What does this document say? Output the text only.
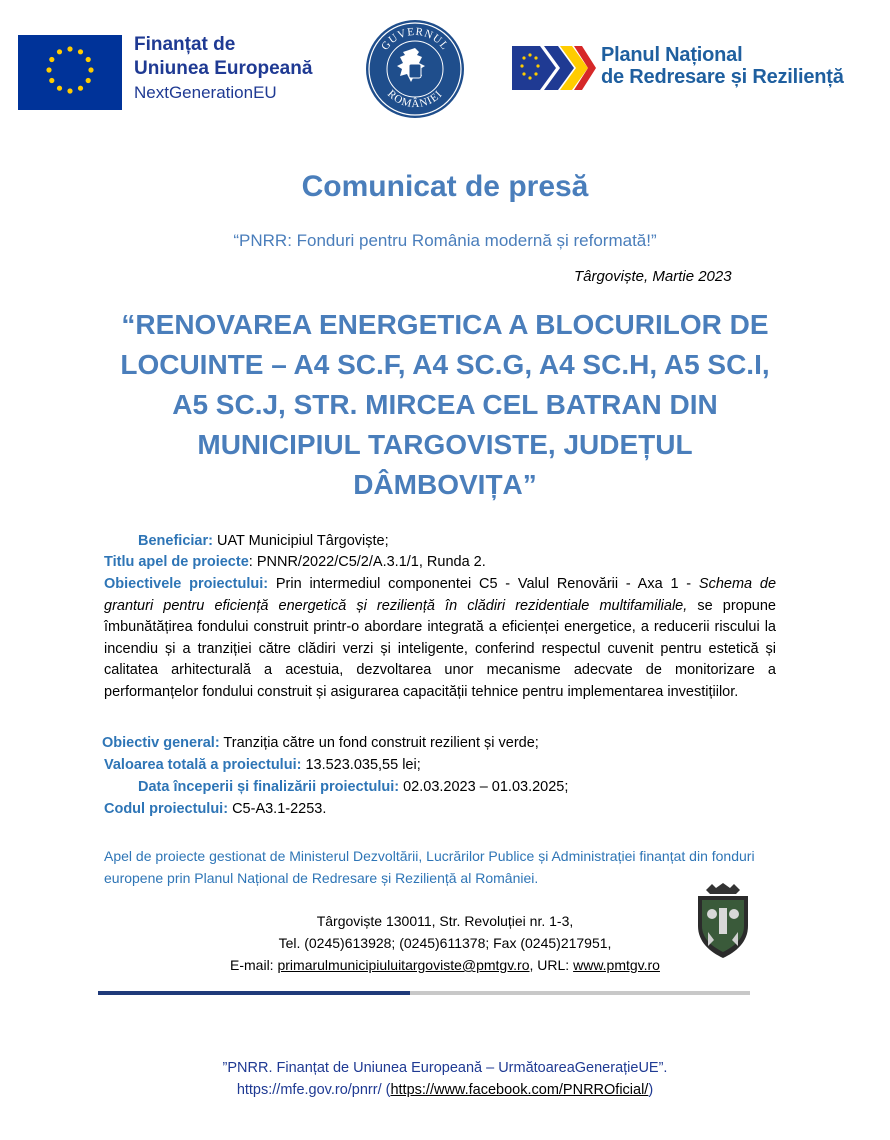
Finanțat de
Uniunea Europeană
NextGenerationEU
GUVERNUL
ROMÂNIEI
Planul Național
de Redresare și Reziliență
Comunicat de presă
“PNRR: Fonduri pentru România modernă și reformată!”
Târgoviște, Martie 2023
“RENOVAREA ENERGETICA A BLOCURILOR DE
LOCUINTE – A4 SC.F, A4 SC.G, A4 SC.H, A5 SC.I,
A5 SC.J, STR. MIRCEA CEL BATRAN DIN
MUNICIPIUL TARGOVISTE, JUDEȚUL
DÂMBOVIȚA”
Beneficiar: UAT Municipiul Târgoviște;
Titlu apel de proiecte: PNNR/2022/C5/2/A.3.1/1, Runda 2.
Obiectivele proiectului: Prin intermediul componentei C5 - Valul Renovării - Axa 1 - Schema de granturi pentru eficiență energetică și reziliență în clădiri rezidentiale multifamiliale, se propune îmbunătățirea fondului construit printr-o abordare integrată a eficienței energetice, a reducerii riscului la incendiu și a tranziției către clădiri verzi și inteligente, conferind respectul cuvenit pentru estetică și calitatea arhitecturală a acestuia, dezvoltarea unor mecanisme adecvate de monitorizare a performanțelor fondului construit și asigurarea capacității tehnice pentru implementarea investițiilor.
Obiectiv general: Tranziția către un fond construit rezilient și verde;
Valoarea totală a proiectului: 13.523.035,55 lei;
Data începerii și finalizării proiectului: 02.03.2023 – 01.03.2025;
Codul proiectului: C5-A3.1-2253.
Apel de proiecte gestionat de Ministerul Dezvoltării, Lucrărilor Publice și Administrației finanțat din fonduri europene prin Planul Național de Redresare și Reziliență al României.
Târgoviște 130011, Str. Revoluției nr. 1-3,
Tel. (0245)613928; (0245)611378; Fax (0245)217951,
E-mail: primarulmunicipiuluitargoviste@pmtgv.ro, URL: www.pmtgv.ro
”PNRR. Finanțat de Uniunea Europeană – UrmătoareaGenerațieUE”.
https://mfe.gov.ro/pnrr/ (https://www.facebook.com/PNRROficial/)
